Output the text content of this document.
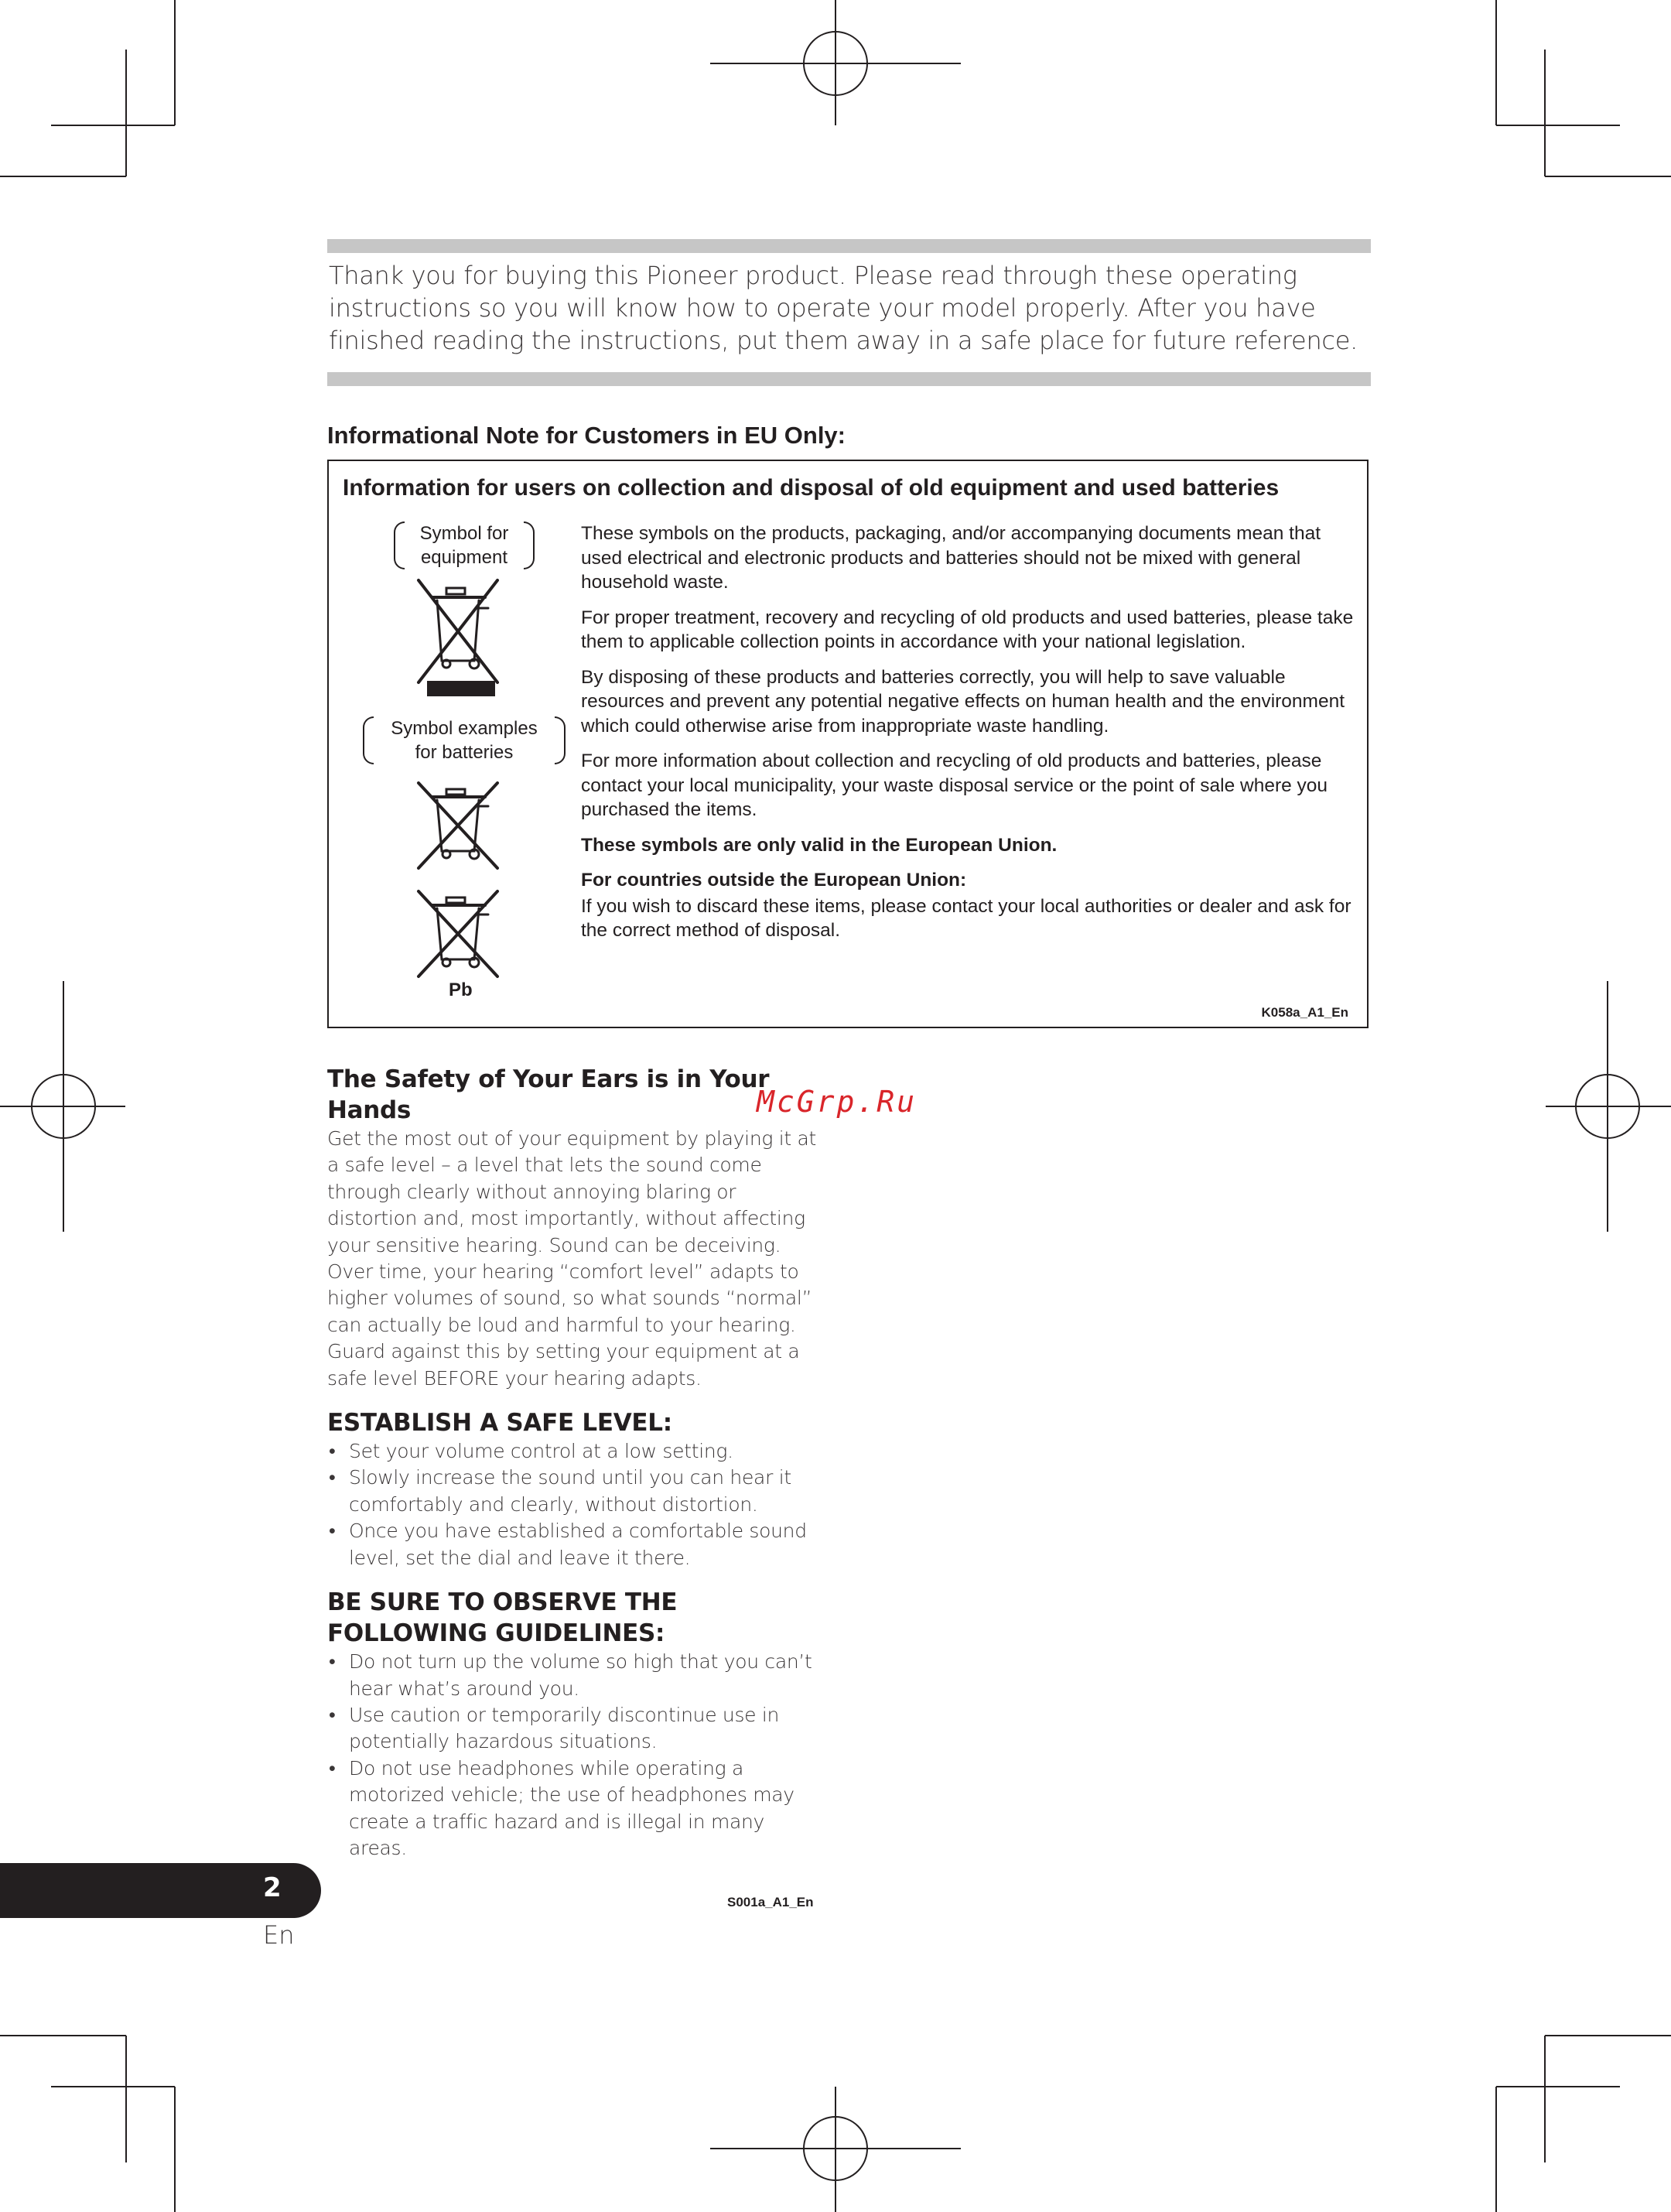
Thank you for buying this Pioneer product. Please read through these operating instructions so you will know how to operate your model properly. After you have finished reading the instructions, put them away in a safe place for future reference.
Informational Note for Customers in EU Only:
Information for users on collection and disposal of old equipment and used batteries
Symbol for equipment
Symbol examples for batteries
Pb

These symbols on the products, packaging, and/or accompanying documents mean that used electrical and electronic products and batteries should not be mixed with general household waste.

For proper treatment, recovery and recycling of old products and used batteries, please take them to applicable collection points in accordance with your national legislation.

By disposing of these products and batteries correctly, you will help to save valuable resources and prevent any potential negative effects on human health and the environment which could otherwise arise from inappropriate waste handling.

For more information about collection and recycling of old products and batteries, please contact your local municipality, your waste disposal service or the point of sale where you purchased the items.

These symbols are only valid in the European Union.

For countries outside the European Union:

If you wish to discard these items, please contact your local authorities or dealer and ask for the correct method of disposal.

K058a_A1_En
McGrp.Ru
The Safety of Your Ears is in Your Hands
Get the most out of your equipment by playing it at a safe level – a level that lets the sound come through clearly without annoying blaring or distortion and, most importantly, without affecting your sensitive hearing. Sound can be deceiving. Over time, your hearing “comfort level” adapts to higher volumes of sound, so what sounds “normal” can actually be loud and harmful to your hearing. Guard against this by setting your equipment at a safe level BEFORE your hearing adapts.
ESTABLISH A SAFE LEVEL:
• Set your volume control at a low setting.
• Slowly increase the sound until you can hear it comfortably and clearly, without distortion.
• Once you have established a comfortable sound level, set the dial and leave it there.
BE SURE TO OBSERVE THE FOLLOWING GUIDELINES:
• Do not turn up the volume so high that you can’t hear what’s around you.
• Use caution or temporarily discontinue use in potentially hazardous situations.
• Do not use headphones while operating a motorized vehicle; the use of headphones may create a traffic hazard and is illegal in many areas.
S001a_A1_En
2
En
